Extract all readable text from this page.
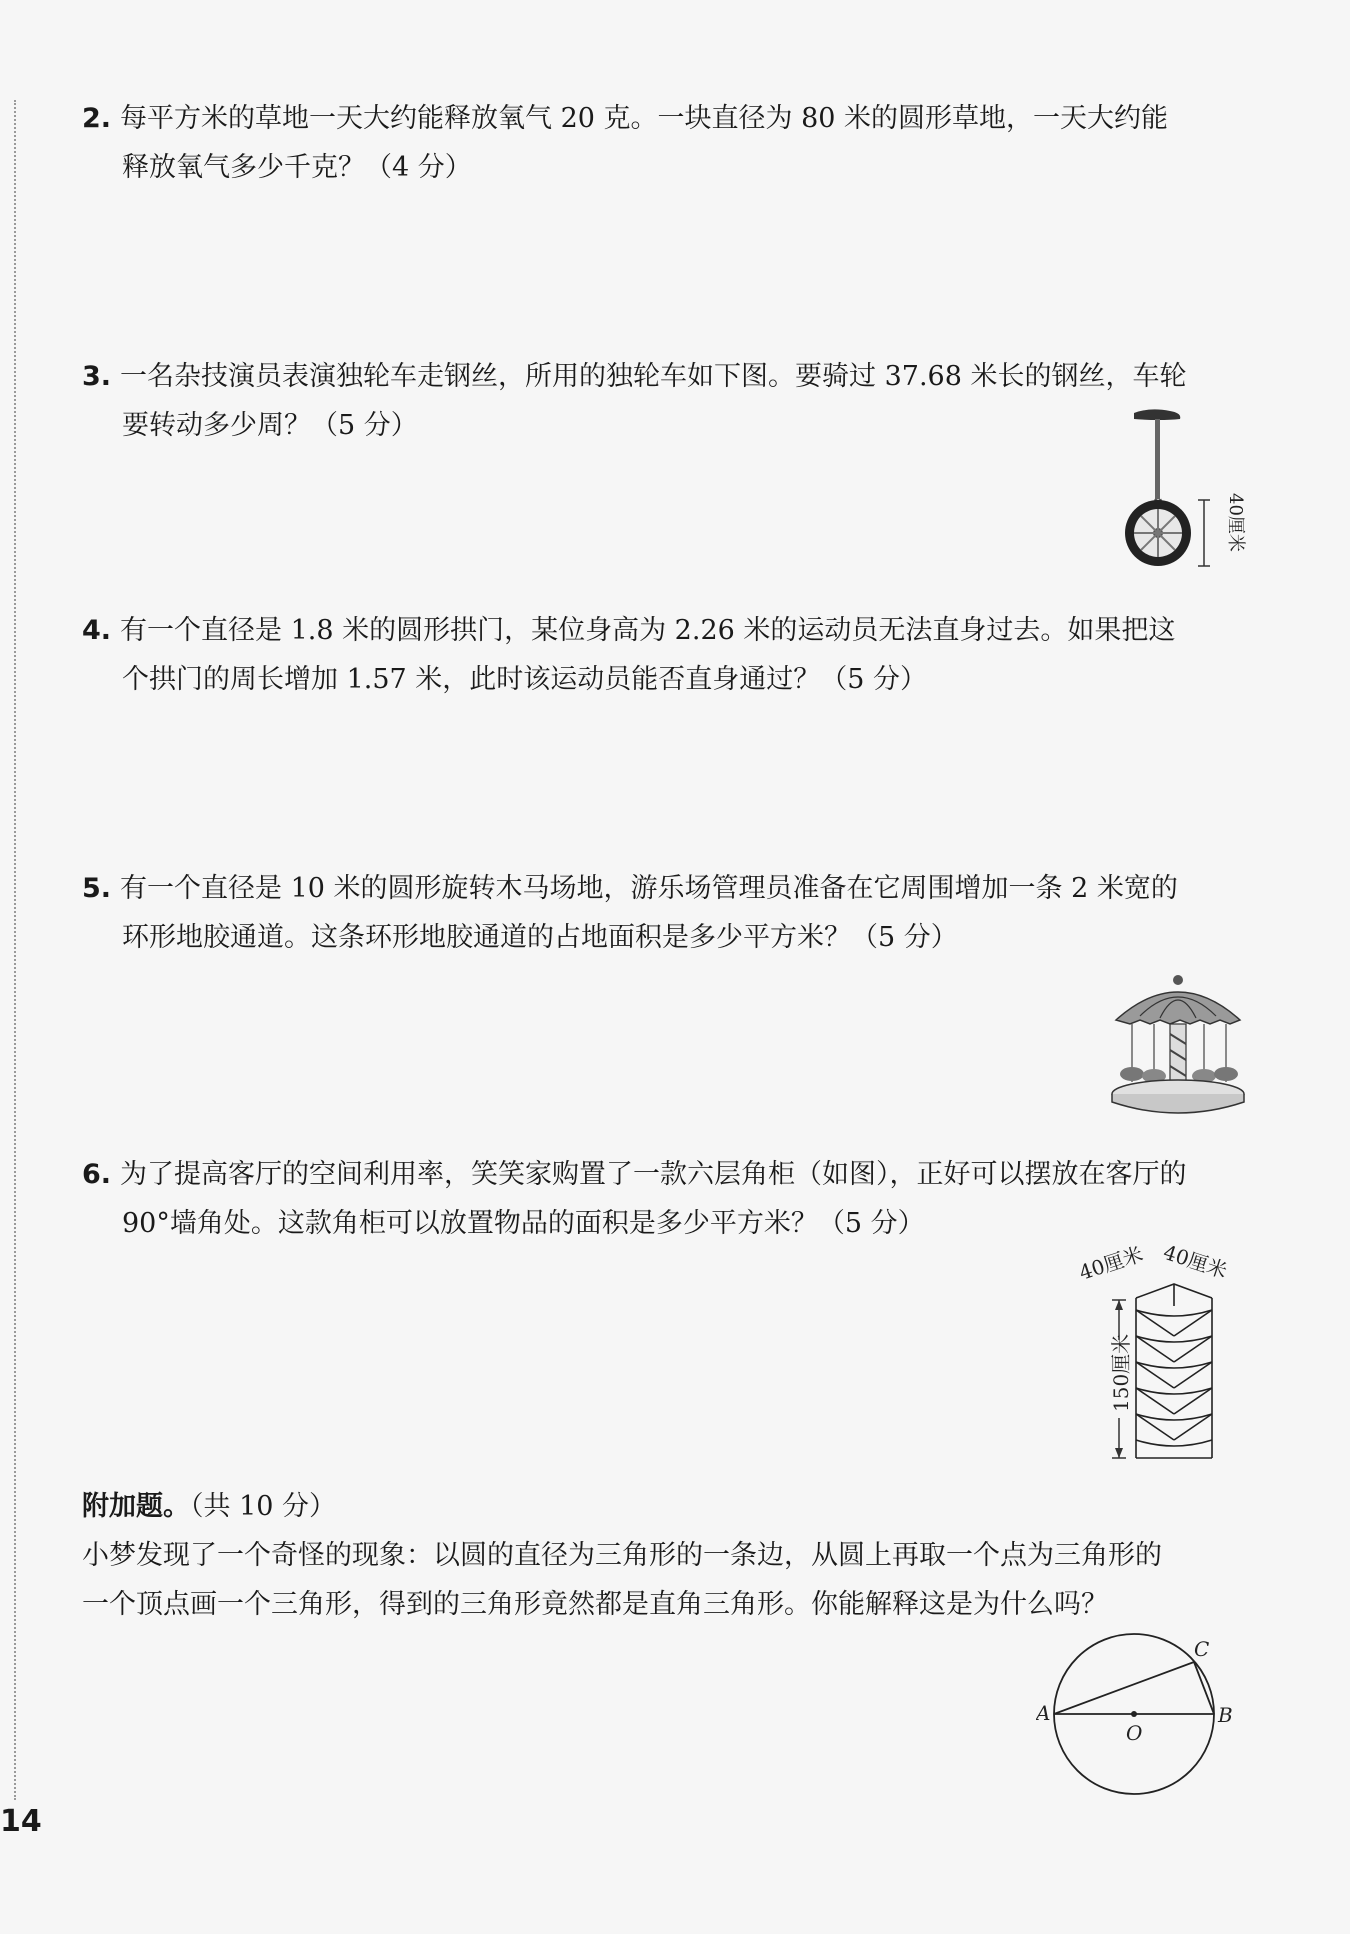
2. 每平方米的草地一天大约能释放氧气 20 克。一块直径为 80 米的圆形草地，一天大约能
释放氧气多少千克？（4 分）
3. 一名杂技演员表演独轮车走钢丝，所用的独轮车如下图。要骑过 37.68 米长的钢丝，车轮
要转动多少周？（5 分）
40厘米
4. 有一个直径是 1.8 米的圆形拱门，某位身高为 2.26 米的运动员无法直身过去。如果把这
个拱门的周长增加 1.57 米，此时该运动员能否直身通过？（5 分）
5. 有一个直径是 10 米的圆形旋转木马场地，游乐场管理员准备在它周围增加一条 2 米宽的
环形地胶通道。这条环形地胶通道的占地面积是多少平方米？（5 分）
6. 为了提高客厅的空间利用率，笑笑家购置了一款六层角柜（如图），正好可以摆放在客厅的
90°墙角处。这款角柜可以放置物品的面积是多少平方米？（5 分）
40厘米 40厘米
150厘米
附加题。（共 10 分）
小梦发现了一个奇怪的现象：以圆的直径为三角形的一条边，从圆上再取一个点为三角形的
一个顶点画一个三角形，得到的三角形竟然都是直角三角形。你能解释这是为什么吗？
A	B
C
O
14
